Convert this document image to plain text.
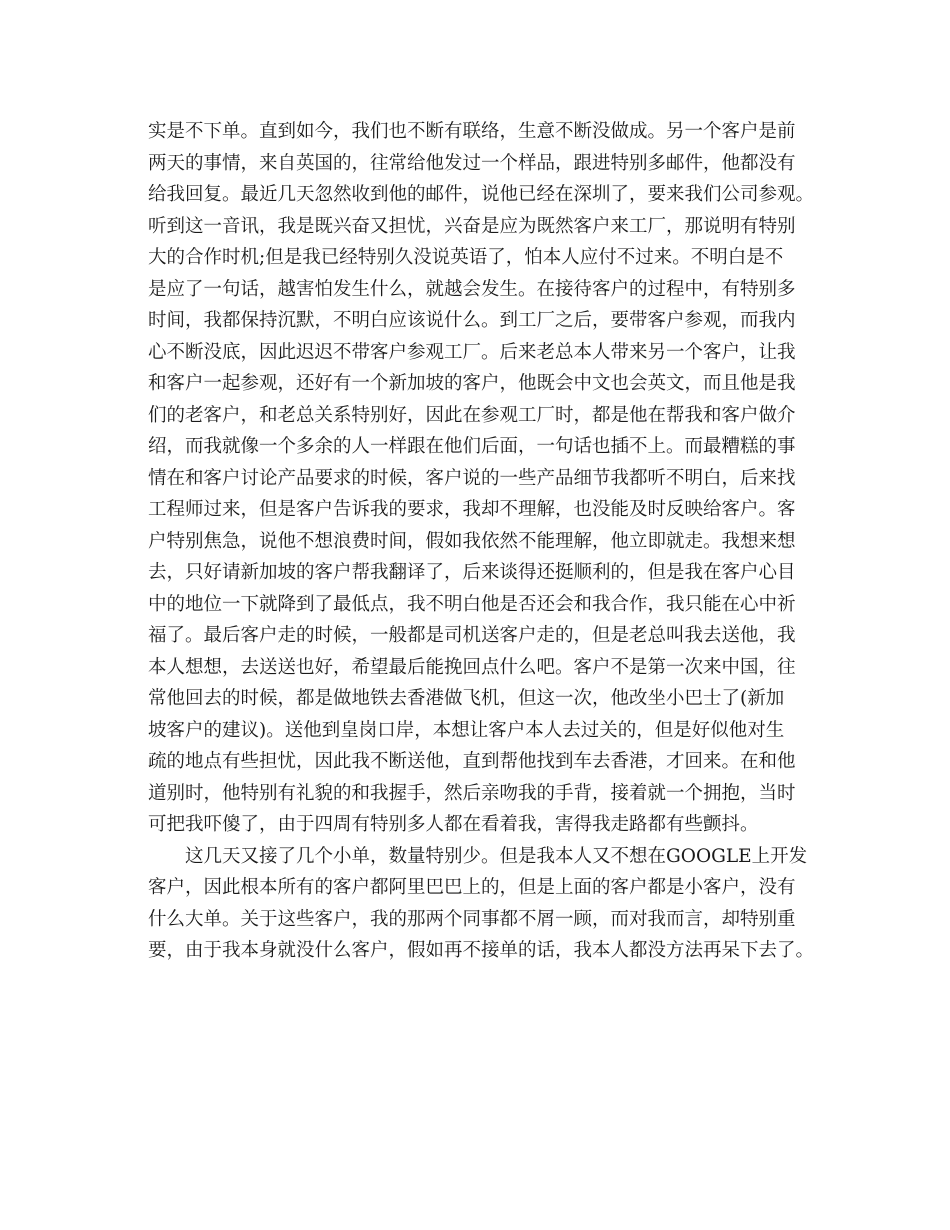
实是不下单。直到如今，我们也不断有联络，生意不断没做成。另一个客户是前
两天的事情，来自英国的，往常给他发过一个样品，跟进特别多邮件，他都没有
给我回复。最近几天忽然收到他的邮件，说他已经在深圳了，要来我们公司参观。
听到这一音讯，我是既兴奋又担忧，兴奋是应为既然客户来工厂，那说明有特别
大的合作时机;但是我已经特别久没说英语了，怕本人应付不过来。不明白是不
是应了一句话，越害怕发生什么，就越会发生。在接待客户的过程中，有特别多
时间，我都保持沉默，不明白应该说什么。到工厂之后，要带客户参观，而我内
心不断没底，因此迟迟不带客户参观工厂。后来老总本人带来另一个客户，让我
和客户一起参观，还好有一个新加坡的客户，他既会中文也会英文，而且他是我
们的老客户，和老总关系特别好，因此在参观工厂时，都是他在帮我和客户做介
绍，而我就像一个多余的人一样跟在他们后面，一句话也插不上。而最糟糕的事
情在和客户讨论产品要求的时候，客户说的一些产品细节我都听不明白，后来找
工程师过来，但是客户告诉我的要求，我却不理解，也没能及时反映给客户。客
户特别焦急，说他不想浪费时间，假如我依然不能理解，他立即就走。我想来想
去，只好请新加坡的客户帮我翻译了，后来谈得还挺顺利的，但是我在客户心目
中的地位一下就降到了最低点，我不明白他是否还会和我合作，我只能在心中祈
福了。最后客户走的时候，一般都是司机送客户走的，但是老总叫我去送他，我
本人想想，去送送也好，希望最后能挽回点什么吧。客户不是第一次来中国，往
常他回去的时候，都是做地铁去香港做飞机，但这一次，他改坐小巴士了(新加
坡客户的建议)。送他到皇岗口岸，本想让客户本人去过关的，但是好似他对生
疏的地点有些担忧，因此我不断送他，直到帮他找到车去香港，才回来。在和他
道别时，他特别有礼貌的和我握手，然后亲吻我的手背，接着就一个拥抱，当时
可把我吓傻了，由于四周有特别多人都在看着我，害得我走路都有些颤抖。
　　这几天又接了几个小单，数量特别少。但是我本人又不想在GOOGLE上开发
客户，因此根本所有的客户都阿里巴巴上的，但是上面的客户都是小客户，没有
什么大单。关于这些客户，我的那两个同事都不屑一顾，而对我而言，却特别重
要，由于我本身就没什么客户，假如再不接单的话，我本人都没方法再呆下去了。
